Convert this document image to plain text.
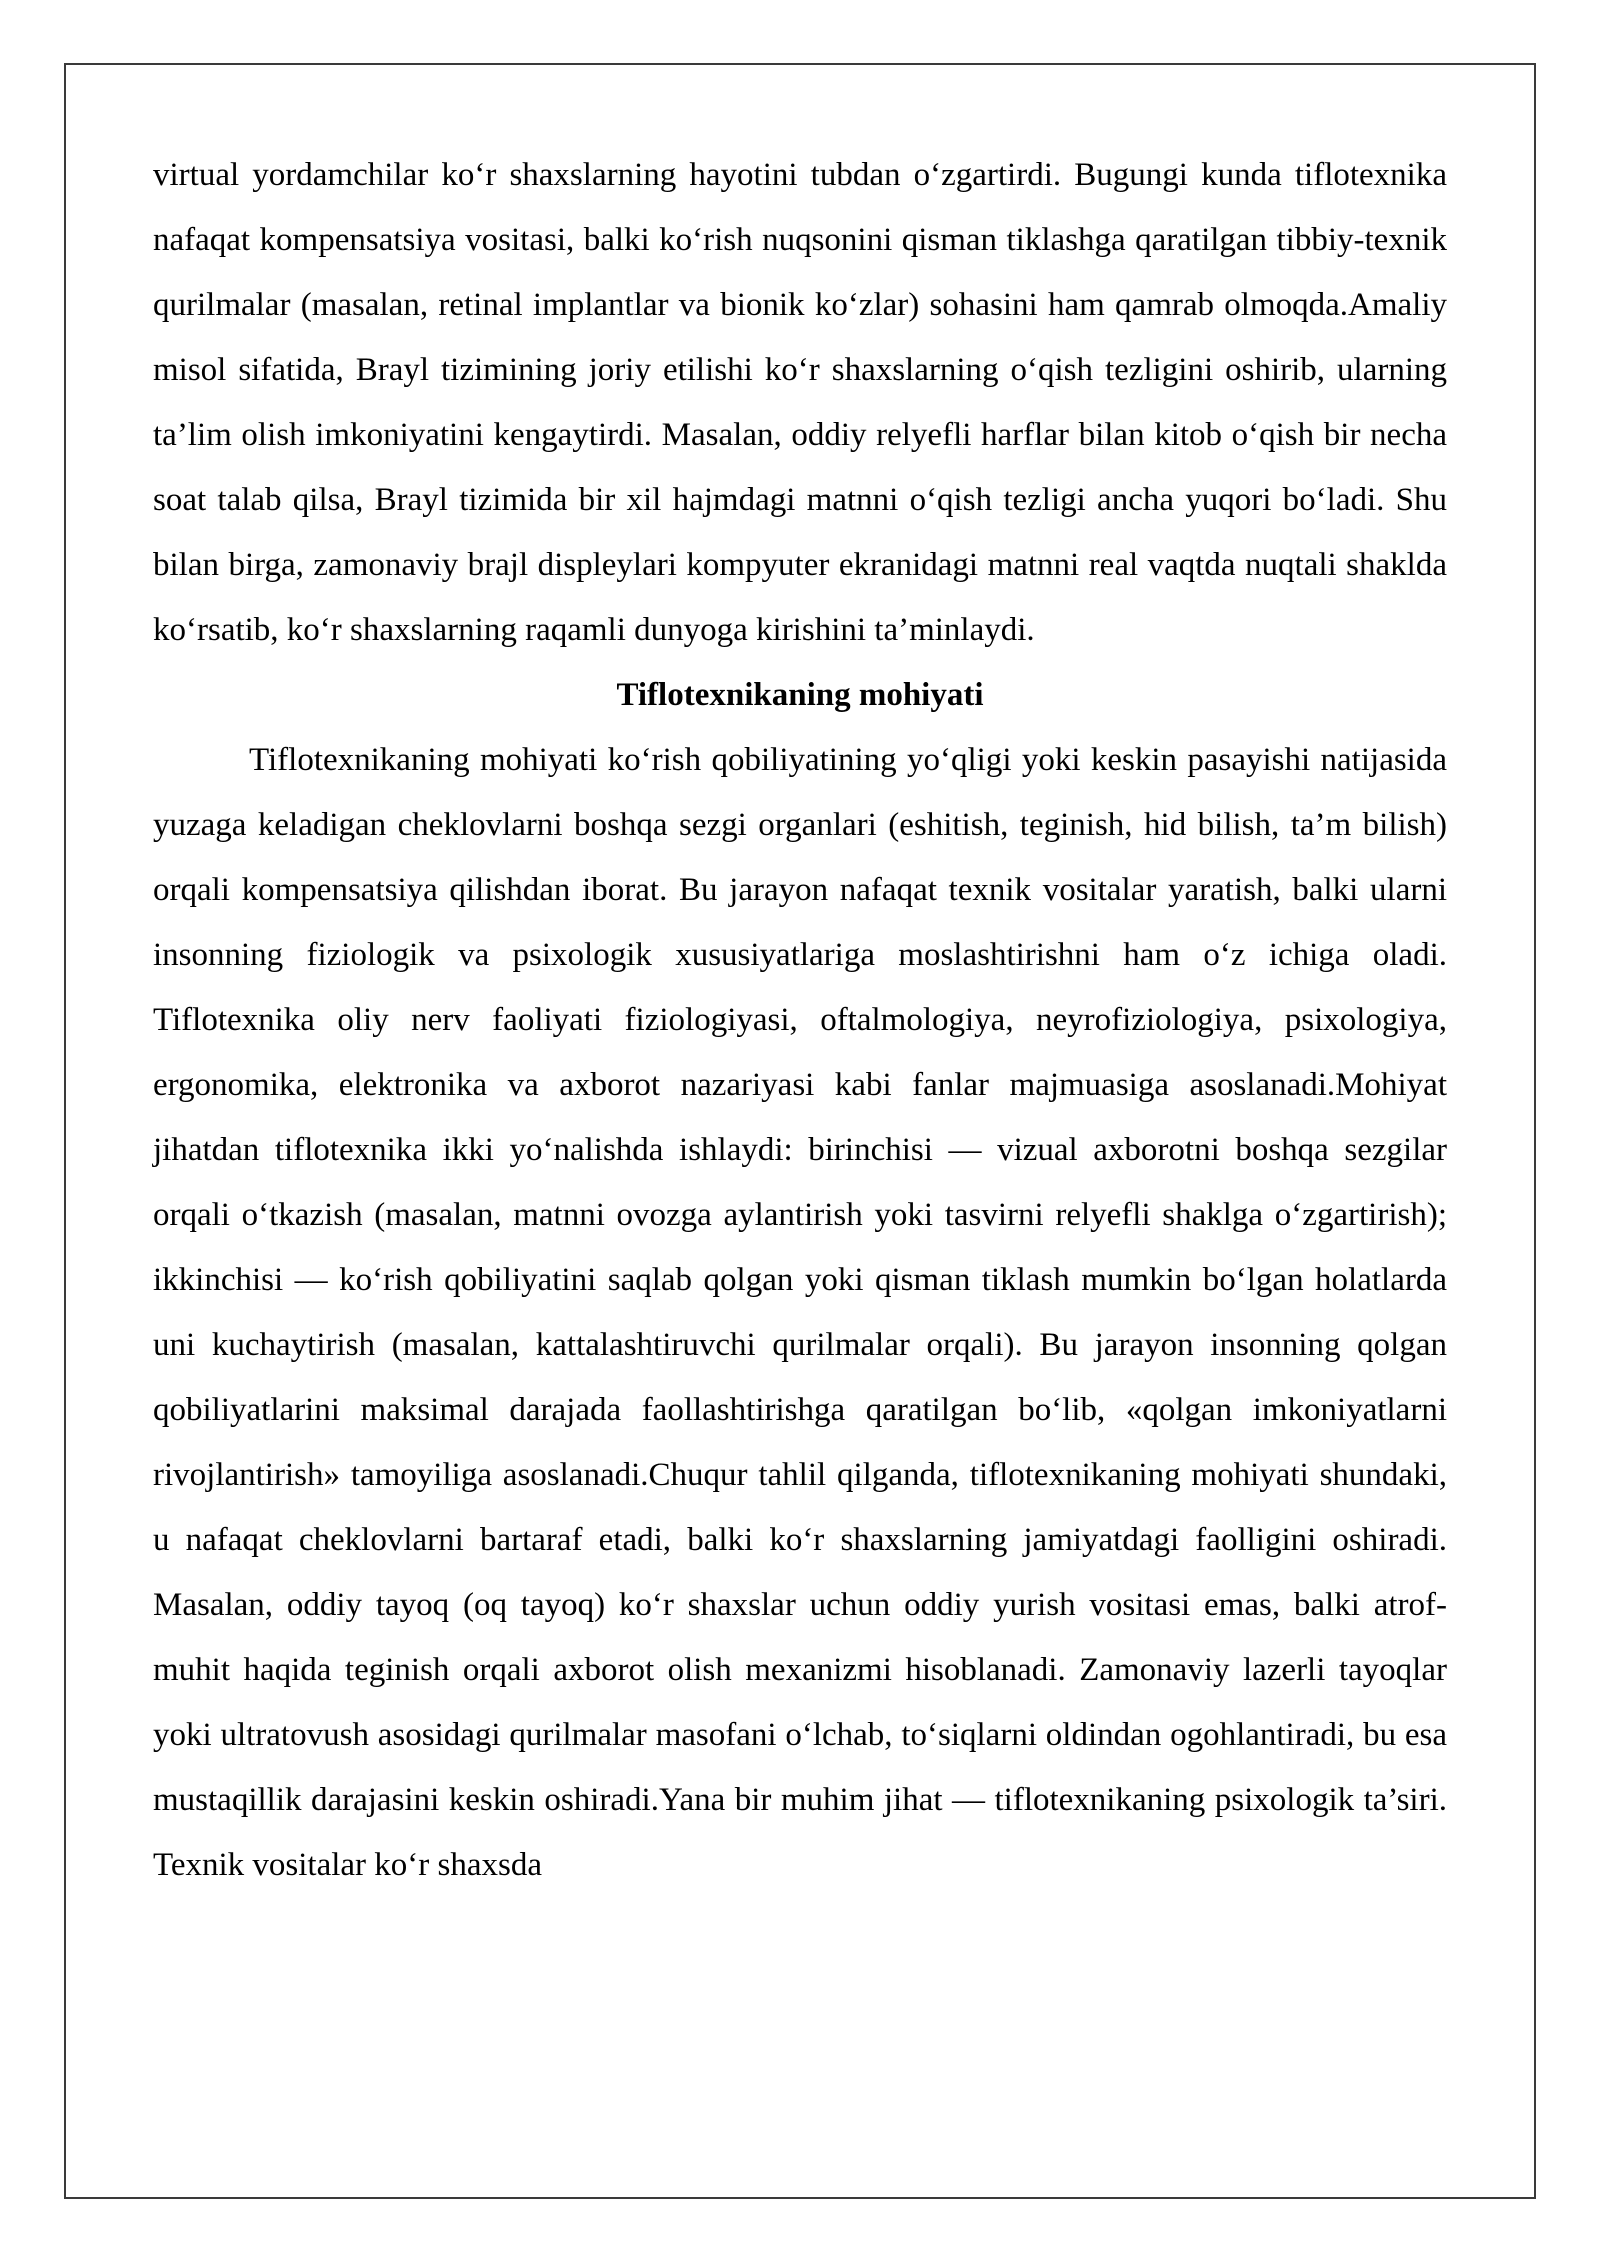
virtual yordamchilar ko‘r shaxslarning hayotini tubdan o‘zgartirdi. Bugungi kunda tiflotexnika nafaqat kompensatsiya vositasi, balki ko‘rish nuqsonini qisman tiklashga qaratilgan tibbiy-texnik qurilmalar (masalan, retinal implantlar va bionik ko‘zlar) sohasini ham qamrab olmoqda.Amaliy misol sifatida, Brayl tizimining joriy etilishi ko‘r shaxslarning o‘qish tezligini oshirib, ularning ta’lim olish imkoniyatini kengaytirdi. Masalan, oddiy relyefli harflar bilan kitob o‘qish bir necha soat talab qilsa, Brayl tizimida bir xil hajmdagi matnni o‘qish tezligi ancha yuqori bo‘ladi. Shu bilan birga, zamonaviy brajl displeylari kompyuter ekranidagi matnni real vaqtda nuqtali shaklda ko‘rsatib, ko‘r shaxslarning raqamli dunyoga kirishini ta’minlaydi.

Tiflotexnikaning mohiyati

Tiflotexnikaning mohiyati ko‘rish qobiliyatining yo‘qligi yoki keskin pasayishi natijasida yuzaga keladigan cheklovlarni boshqa sezgi organlari (eshitish, teginish, hid bilish, ta’m bilish) orqali kompensatsiya qilishdan iborat. Bu jarayon nafaqat texnik vositalar yaratish, balki ularni insonning fiziologik va psixologik xususiyatlariga moslashtirishni ham o‘z ichiga oladi. Tiflotexnika oliy nerv faoliyati fiziologiyasi, oftalmologiya, neyrofiziologiya, psixologiya, ergonomika, elektronika va axborot nazariyasi kabi fanlar majmuasiga asoslanadi.Mohiyat jihatdan tiflotexnika ikki yo‘nalishda ishlaydi: birinchisi — vizual axborotni boshqa sezgilar orqali o‘tkazish (masalan, matnni ovozga aylantirish yoki tasvirni relyefli shaklga o‘zgartirish); ikkinchisi — ko‘rish qobiliyatini saqlab qolgan yoki qisman tiklash mumkin bo‘lgan holatlarda uni kuchaytirish (masalan, kattalashtiruvchi qurilmalar orqali). Bu jarayon insonning qolgan qobiliyatlarini maksimal darajada faollashtirishga qaratilgan bo‘lib, «qolgan imkoniyatlarni rivojlantirish» tamoyiliga asoslanadi.Chuqur tahlil qilganda, tiflotexnikaning mohiyati shundaki, u nafaqat cheklovlarni bartaraf etadi, balki ko‘r shaxslarning jamiyatdagi faolligini oshiradi. Masalan, oddiy tayoq (oq tayoq) ko‘r shaxslar uchun oddiy yurish vositasi emas, balki atrof-muhit haqida teginish orqali axborot olish mexanizmi hisoblanadi. Zamonaviy lazerli tayoqlar yoki ultratovush asosidagi qurilmalar masofani o‘lchab, to‘siqlarni oldindan ogohlantiradi, bu esa mustaqillik darajasini keskin oshiradi.Yana bir muhim jihat — tiflotexnikaning psixologik ta’siri. Texnik vositalar ko‘r shaxsda
